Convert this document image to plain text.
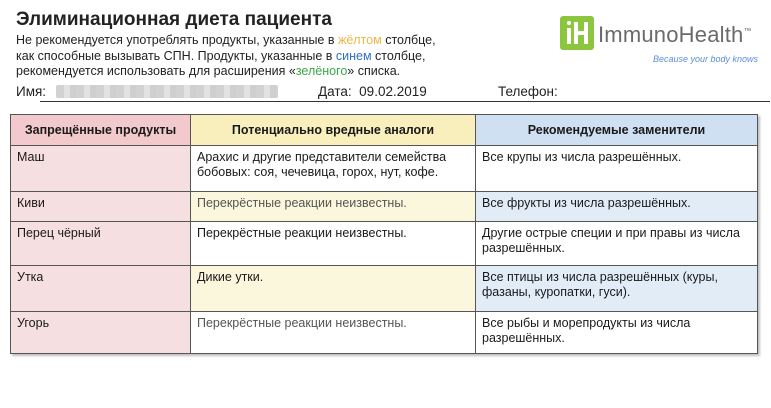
Элиминационная диета пациента
Не рекомендуется употреблять продукты, указанные в жёлтом столбце,
как способные вызывать СПН. Продукты, указанные в синем столбце,
рекомендуется использовать для расширения «зелёного» списка.
ImmunoHealth™
Because your body knows
Имя:	Дата: 09.02.2019	Телефон:
Запрещённые продукты	Потенциально вредные аналоги	Рекомендуемые заменители
Маш	Арахис и другие представители семейства бобовых: соя, чечевица, горох, нут, кофе.	Все крупы из числа разрешённых.
Киви	Перекрёстные реакции неизвестны.	Все фрукты из числа разрешённых.
Перец чёрный	Перекрёстные реакции неизвестны.	Другие острые специи и при правы из числа разрешённых.
Утка	Дикие утки.	Все птицы из числа разрешённых (куры, фазаны, куропатки, гуси).
Угорь	Перекрёстные реакции неизвестны.	Все рыбы и морепродукты из числа разрешённых.
